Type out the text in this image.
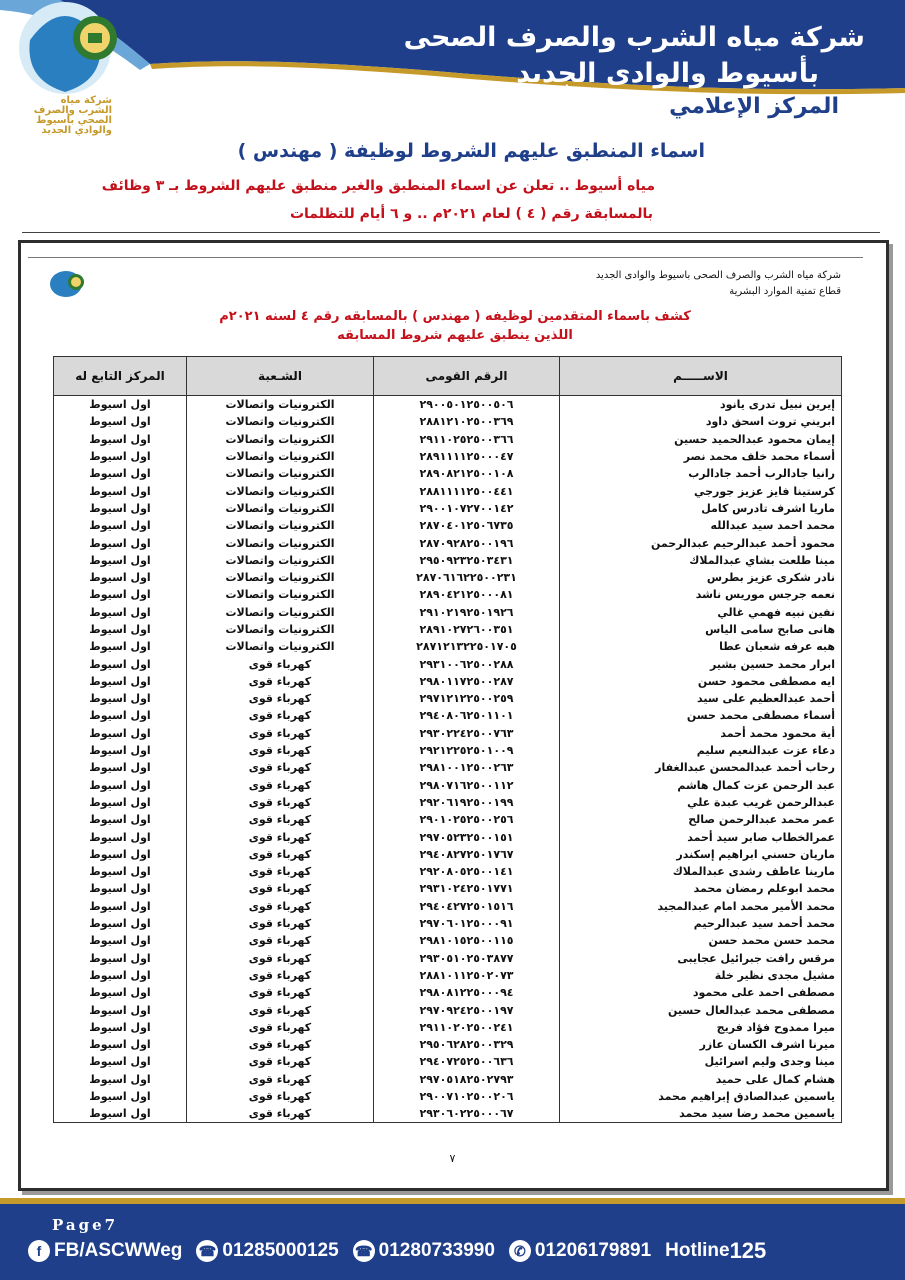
شركة مياه الشرب والصرف الصحي بأسيوط والوادي الجديد
شركة مياه الشرب والصرف الصحى
بأسيوط والوادى الجديد
المركز الإعلامي
اسماء المنطبق عليهم الشروط لوظيفة ( مهندس )
مياه أسيوط .. تعلن عن اسماء المنطبق والغير منطبق عليهم الشروط بـ ٣ وظائف
بالمسابقة رقم ( ٤ ) لعام ٢٠٢١م .. و ٦ أيام للتظلمات
شركة مياه الشرب والصرف الصحى باسيوط والوادى الجديد
قطاع تمنية الموارد البشرية
كشف باسماء المتقدمين لوظيفه ( مهندس ) بالمسابقه رقم ٤ لسنه ٢٠٢١م
اللذين ينطبق عليهم شروط المسابقه
الاســـــم	الرقم القومى	الشـعبة	المركز التابع له
إيرين نبيل تدرى يانود	٢٩٠٠٥٠١٢٥٠٠٥٠٦	الكترونيات واتصالات	اول اسيوط
ابريني تروت اسحق داود	٢٨٨١٢١٠٢٥٠٠٣٦٩	الكترونيات واتصالات	اول اسيوط
إيمان محمود عبدالحميد حسين	٢٩١١٠٢٥٢٥٠٠٣٦٦	الكترونيات واتصالات	اول اسيوط
أسماء محمد خلف محمد نصر	٢٨٩١١١١٢٥٠٠٠٤٧	الكترونيات واتصالات	اول اسيوط
رانيا جادالرب أحمد جادالرب	٢٨٩٠٨٢١٢٥٠٠١٠٨	الكترونيات واتصالات	اول اسيوط
كرستينا فايز عزيز جورجي	٢٨٨١١١١٢٥٠٠٤٤١	الكترونيات واتصالات	اول اسيوط
ماريا اشرف تادرس كامل	٢٩٠٠١٠٧٢٧٠٠١٤٢	الكترونيات واتصالات	اول اسيوط
محمد احمد سيد عبدالله	٢٨٧٠٤٠١٢٥٠٦٧٣٥	الكترونيات واتصالات	اول اسيوط
محمود أحمد عبدالرحيم عبدالرحمن	٢٨٧٠٩٢٨٢٥٠٠١٩٦	الكترونيات واتصالات	اول اسيوط
مينا طلعت بشاي عبدالملاك	٢٩٥٠٩٢٣٢٥٠٣٤٣١	الكترونيات واتصالات	اول اسيوط
نادر شكرى عزيز بطرس	٢٨٧٠٦١٦٢٢٥٠٠٢٣١	الكترونيات واتصالات	اول اسيوط
نعمه جرجس موريس ناشد	٢٨٩٠٤٢١٢٥٠٠٠٨١	الكترونيات واتصالات	اول اسيوط
نفين نبيه فهمي غالي	٢٩١٠٢١٩٢٥٠١٩٢٦	الكترونيات واتصالات	اول اسيوط
هانى صابح سامى الياس	٢٨٩١٠٢٧٢٦٠٠٣٥١	الكترونيات واتصالات	اول اسيوط
هبه عرفه شعبان عطا	٢٨٧١٢١٣٢٢٥٠١٧٠٥	الكترونيات واتصالات	اول اسيوط
ابرار محمد حسين بشير	٢٩٣١٠٠٦٢٥٠٠٢٨٨	كهرباء قوى	اول اسيوط
ايه مصطفى محمود حسن	٢٩٨٠١١٧٢٥٠٠٢٨٧	كهرباء قوى	اول اسيوط
أحمد عبدالعظيم على سيد	٢٩٧١٢١٢٢٥٠٠٢٥٩	كهرباء قوى	اول اسيوط
أسماء مصطفى محمد حسن	٢٩٤٠٨٠٦٢٥٠١١٠١	كهرباء قوى	اول اسيوط
أية محمود محمد أحمد	٢٩٣٠٢٢٤٢٥٠٠٧٦٣	كهرباء قوى	اول اسيوط
دعاء عزت عبدالنعيم سليم	٢٩٢١٢٢٥٢٥٠١٠٠٩	كهرباء قوى	اول اسيوط
رحاب أحمد عبدالمحسن عبدالغفار	٢٩٨١٠٠١٢٥٠٠٢٦٣	كهرباء قوى	اول اسيوط
عبد الرحمن عزت كمال هاشم	٢٩٨٠٧١٦٢٥٠٠١١٢	كهرباء قوى	اول اسيوط
عبدالرحمن غريب عبدة علي	٢٩٢٠٦١٩٢٥٠٠١٩٩	كهرباء قوى	اول اسيوط
عمر محمد عبدالرحمن صالح	٢٩٠١٠٢٥٢٥٠٠٢٥٦	كهرباء قوى	اول اسيوط
عمرالخطاب صابر سيد أحمد	٢٩٧٠٥٢٣٢٥٠٠١٥١	كهرباء قوى	اول اسيوط
ماريان حسني ابراهيم إسكندر	٢٩٤٠٨٢٧٢٥٠١٧٦٧	كهرباء قوى	اول اسيوط
مارينا عاطف رشدى عبدالملاك	٢٩٢٠٨٠٥٢٥٠٠١٤١	كهرباء قوى	اول اسيوط
محمد ابوعلم رمضان محمد	٢٩٣١٠٢٤٢٥٠١٧٧١	كهرباء قوى	اول اسيوط
محمد الأمير محمد امام عبدالمجيد	٢٩٤٠٤٢٧٢٥٠١٥١٦	كهرباء قوى	اول اسيوط
محمد أحمد سيد عبدالرحيم	٢٩٧٠٦٠١٢٥٠٠٠٩١	كهرباء قوى	اول اسيوط
محمد حسن محمد حسن	٢٩٨١٠١٥٢٥٠٠١١٥	كهرباء قوى	اول اسيوط
مرقس رافت جبرائيل عجايبى	٢٩٣٠٥١٠٢٥٠٣٨٧٧	كهرباء قوى	اول اسيوط
مشيل مجدى نظير خلة	٢٨٨١٠١١٢٥٠٢٠٧٣	كهرباء قوى	اول اسيوط
مصطفى احمد على محمود	٢٩٨٠٨١٢٢٥٠٠٠٩٤	كهرباء قوى	اول اسيوط
مصطفى محمد عبدالعال حسين	٢٩٧٠٩٢٤٢٥٠٠١٩٧	كهرباء قوى	اول اسيوط
ميرا ممدوح فؤاد فريج	٢٩١١٠٢٠٢٥٠٠٢٤١	كهرباء قوى	اول اسيوط
ميرنا اشرف الكسان عازر	٢٩٥٠٦٢٨٢٥٠٠٣٢٩	كهرباء قوى	اول اسيوط
مينا وجدى وليم اسرائيل	٢٩٤٠٧٢٥٢٥٠٠٦٣٦	كهرباء قوى	اول اسيوط
هشام كمال على حميد	٢٩٧٠٥١٨٢٥٠٢٧٩٣	كهرباء قوى	اول اسيوط
ياسمين عبدالصادق إبراهيم محمد	٢٩٠٠٧١٠٢٥٠٠٢٠٦	كهرباء قوى	اول اسيوط
ياسمين محمد رضا سيد محمد	٢٩٣٠٦٠٢٢٥٠٠٠٦٧	كهرباء قوى	اول اسيوط
٧
Page7
f FB/ASCWWeg ☎ 01285000125 ☎ 01280733990	✆ 01206179891 Hotline 125
